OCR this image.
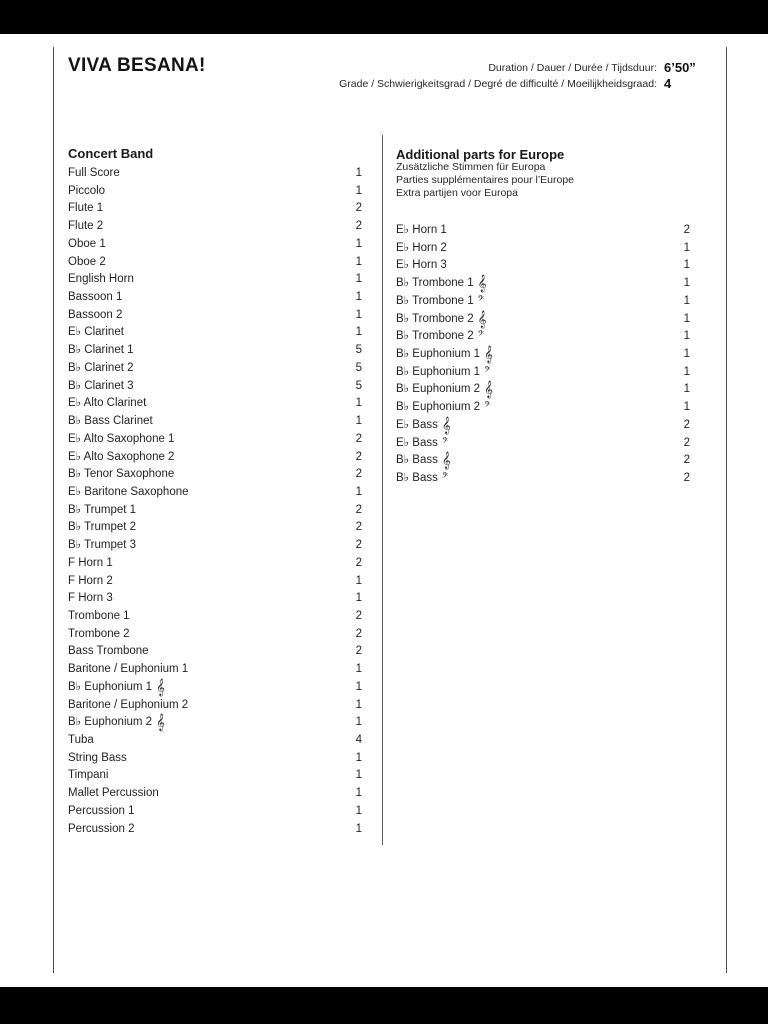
VIVA BESANA!	Duration / Dauer / Durée / Tijdsduur: 6’50”
Grade / Schwierigkeitsgrad / Degré de difficulté / Moeilijkheidsgraad: 4
Concert Band	Additional parts for Europe
Zusätzliche Stimmen für Europa
Parties supplémentaires pour l’Europe
Extra partijen voor Europa
Full Score	1
Piccolo	1
Flute 1	2
Flute 2	2
Oboe 1	1
Oboe 2	1
English Horn	1
Bassoon 1	1
Bassoon 2	1
E♭ Clarinet	1
B♭ Clarinet 1	5
B♭ Clarinet 2	5
B♭ Clarinet 3	5
E♭ Alto Clarinet	1
B♭ Bass Clarinet	1
E♭ Alto Saxophone 1	2
E♭ Alto Saxophone 2	2
B♭ Tenor Saxophone	2
E♭ Baritone Saxophone	1
B♭ Trumpet 1	2
B♭ Trumpet 2	2
B♭ Trumpet 3	2
F Horn 1	2
F Horn 2	1
F Horn 3	1
Trombone 1	2
Trombone 2	2
Bass Trombone	2
Baritone / Euphonium 1	1
B♭ Euphonium 1 𝄞	1
Baritone / Euphonium 2	1
B♭ Euphonium 2 𝄞	1
Tuba	4
String Bass	1
Timpani	1
Mallet Percussion	1
Percussion 1	1
Percussion 2	1
E♭ Horn 1	2
E♭ Horn 2	1
E♭ Horn 3	1
B♭ Trombone 1 𝄞	1
B♭ Trombone 1 𝄢	1
B♭ Trombone 2 𝄞	1
B♭ Trombone 2 𝄢	1
B♭ Euphonium 1 𝄞	1
B♭ Euphonium 1 𝄢	1
B♭ Euphonium 2 𝄞	1
B♭ Euphonium 2 𝄢	1
E♭ Bass 𝄞	2
E♭ Bass 𝄢	2
B♭ Bass 𝄞	2
B♭ Bass 𝄢	2
